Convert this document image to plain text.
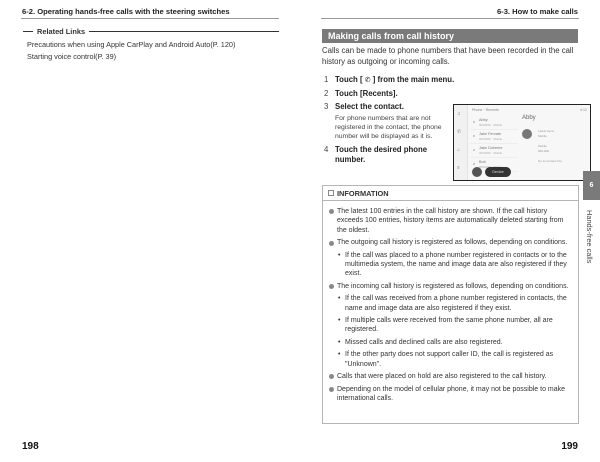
6-2. Operating hands-free calls with the steering switches
Related Links
Precautions when using Apple CarPlay and Android Auto(P. 120)
Starting voice control(P. 39)
198
6-3. How to make calls
Making calls from call history
Calls can be made to phone numbers that have been recorded in the call history as outgoing or incoming calls.
1 Touch [ ✆ ] from the main menu.
2 Touch [Recents].
3 Select the contact.
For phone numbers that are not registered in the contact, the phone number will be displayed as it is.
4 Touch the desired phone number.
♫
✆
⌂
≡
Phone · Recents	4:12
Abby
00/00/00 · Mobile
Jake Fenrate
00/00/00 · Mobile
Jake Doheme
00/00/00 · Mobile
Bob
00/00/00
Abby
Latest items
Mobile

Mobile
000-000

Go to contact info
Device
INFORMATION
The latest 100 entries in the call history are shown. If the call history exceeds 100 entries, history items are automatically deleted starting from the oldest.
The outgoing call history is registered as follows, depending on conditions.
• If the call was placed to a phone number registered in contacts or to the multimedia system, the name and image data are also registered if they exist.
The incoming call history is registered as follows, depending on conditions.
• If the call was received from a phone number registered in contacts, the name and image data are also registered if they exist.
• If multiple calls were received from the same phone number, all are registered.
• Missed calls and declined calls are also registered.
• If the other party does not support caller ID, the call is registered as "Unknown".
Calls that were placed on hold are also registered to the call history.
Depending on the model of cellular phone, it may not be possible to make international calls.
6
Hands-free calls
199
